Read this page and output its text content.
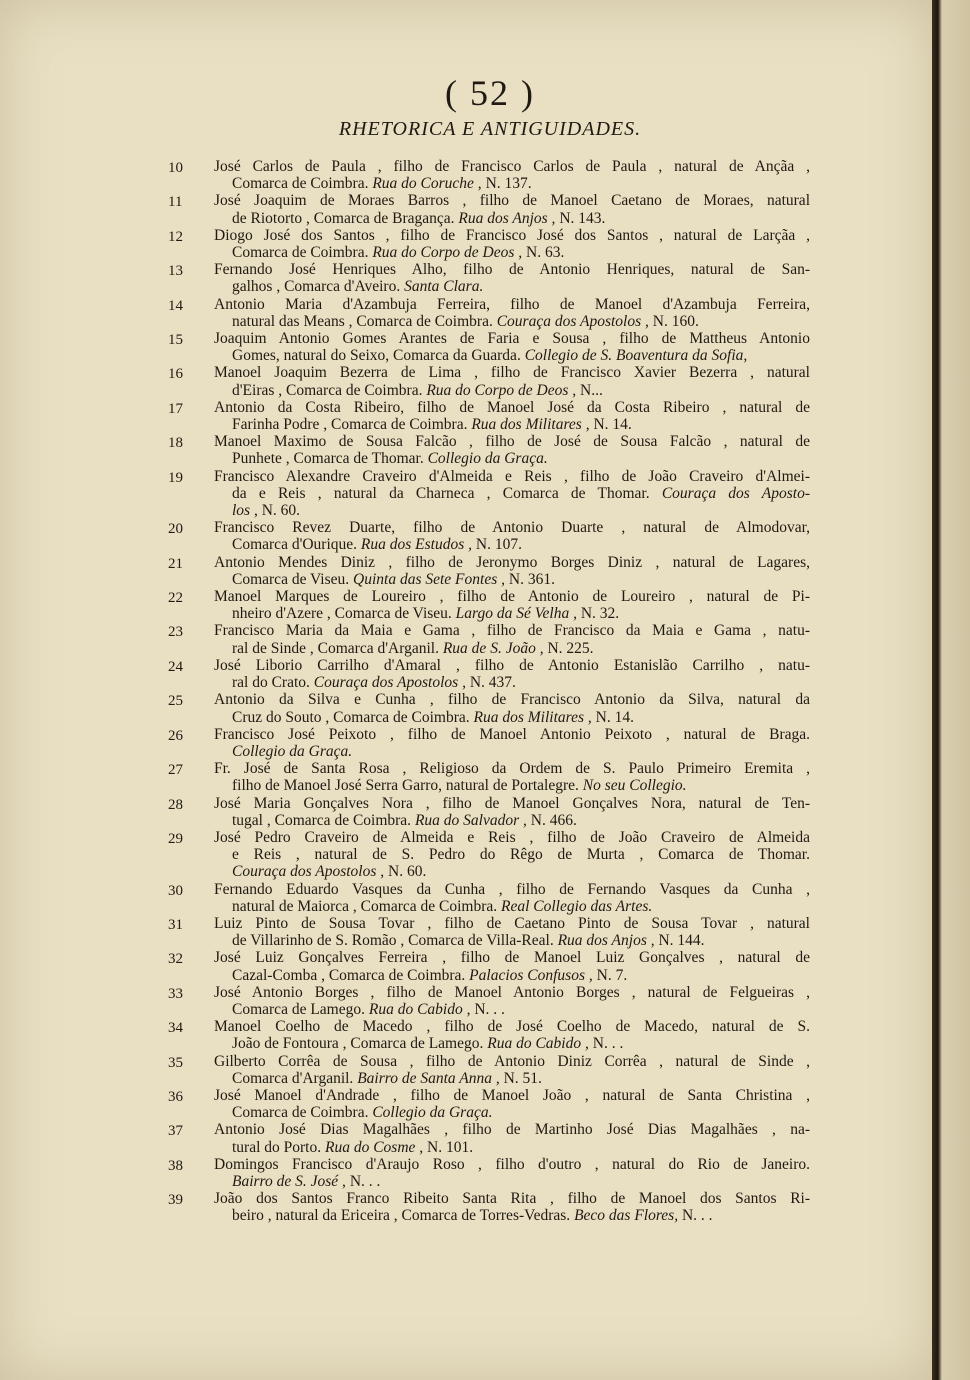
( 52 )
RHETORICA E ANTIGUIDADES.
10	José Carlos de Paula , filho de Francisco Carlos de Paula , natural de Ançãa ,
Comarca de Coimbra. Rua do Coruche , N. 137.
11	José Joaquim de Moraes Barros , filho de Manoel Caetano de Moraes, natural
de Riotorto , Comarca de Bragança. Rua dos Anjos , N. 143.
12	Diogo José dos Santos , filho de Francisco José dos Santos , natural de Larçãa ,
Comarca de Coimbra. Rua do Corpo de Deos , N. 63.
13	Fernando José Henriques Alho, filho de Antonio Henriques, natural de San-
galhos , Comarca d'Aveiro. Santa Clara.
14	Antonio Maria d'Azambuja Ferreira, filho de Manoel d'Azambuja Ferreira,
natural das Means , Comarca de Coimbra. Couraça dos Apostolos , N. 160.
15	Joaquim Antonio Gomes Arantes de Faria e Sousa , filho de Mattheus Antonio
Gomes, natural do Seixo, Comarca da Guarda. Collegio de S. Boaventura da Sofia,
16	Manoel Joaquim Bezerra de Lima , filho de Francisco Xavier Bezerra , natural
d'Eiras , Comarca de Coimbra. Rua do Corpo de Deos , N...
17	Antonio da Costa Ribeiro, filho de Manoel José da Costa Ribeiro , natural de
Farinha Podre , Comarca de Coimbra. Rua dos Militares , N. 14.
18	Manoel Maximo de Sousa Falcão , filho de José de Sousa Falcão , natural de
Punhete , Comarca de Thomar. Collegio da Graça.
19	Francisco Alexandre Craveiro d'Almeida e Reis , filho de João Craveiro d'Almei-
da e Reis , natural da Charneca , Comarca de Thomar. Couraça dos Aposto-
los , N. 60.
20	Francisco Revez Duarte, filho de Antonio Duarte , natural de Almodovar,
Comarca d'Ourique. Rua dos Estudos , N. 107.
21	Antonio Mendes Diniz , filho de Jeronymo Borges Diniz , natural de Lagares,
Comarca de Viseu. Quinta das Sete Fontes , N. 361.
22	Manoel Marques de Loureiro , filho de Antonio de Loureiro , natural de Pi-
nheiro d'Azere , Comarca de Viseu. Largo da Sé Velha , N. 32.
23	Francisco Maria da Maia e Gama , filho de Francisco da Maia e Gama , natu-
ral de Sinde , Comarca d'Arganil. Rua de S. João , N. 225.
24	José Liborio Carrilho d'Amaral , filho de Antonio Estanislão Carrilho , natu-
ral do Crato. Couraça dos Apostolos , N. 437.
25	Antonio da Silva e Cunha , filho de Francisco Antonio da Silva, natural da
Cruz do Souto , Comarca de Coimbra. Rua dos Militares , N. 14.
26	Francisco José Peixoto , filho de Manoel Antonio Peixoto , natural de Braga.
Collegio da Graça.
27	Fr. José de Santa Rosa , Religioso da Ordem de S. Paulo Primeiro Eremita ,
filho de Manoel José Serra Garro, natural de Portalegre. No seu Collegio.
28	José Maria Gonçalves Nora , filho de Manoel Gonçalves Nora, natural de Ten-
tugal , Comarca de Coimbra. Rua do Salvador , N. 466.
29	José Pedro Craveiro de Almeida e Reis , filho de João Craveiro de Almeida
e Reis , natural de S. Pedro do Rêgo de Murta , Comarca de Thomar.
Couraça dos Apostolos , N. 60.
30	Fernando Eduardo Vasques da Cunha , filho de Fernando Vasques da Cunha ,
natural de Maiorca , Comarca de Coimbra. Real Collegio das Artes.
31	Luiz Pinto de Sousa Tovar , filho de Caetano Pinto de Sousa Tovar , natural
de Villarinho de S. Romão , Comarca de Villa-Real. Rua dos Anjos , N. 144.
32	José Luiz Gonçalves Ferreira , filho de Manoel Luiz Gonçalves , natural de
Cazal-Comba , Comarca de Coimbra. Palacios Confusos , N. 7.
33	José Antonio Borges , filho de Manoel Antonio Borges , natural de Felgueiras ,
Comarca de Lamego. Rua do Cabido , N. . .
34	Manoel Coelho de Macedo , filho de José Coelho de Macedo, natural de S.
João de Fontoura , Comarca de Lamego. Rua do Cabido , N. . .
35	Gilberto Corrêa de Sousa , filho de Antonio Diniz Corrêa , natural de Sinde ,
Comarca d'Arganil. Bairro de Santa Anna , N. 51.
36	José Manoel d'Andrade , filho de Manoel João , natural de Santa Christina ,
Comarca de Coimbra. Collegio da Graça.
37	Antonio José Dias Magalhães , filho de Martinho José Dias Magalhães , na-
tural do Porto. Rua do Cosme , N. 101.
38	Domingos Francisco d'Araujo Roso , filho d'outro , natural do Rio de Janeiro.
Bairro de S. José , N. . .
39	João dos Santos Franco Ribeito Santa Rita , filho de Manoel dos Santos Ri-
beiro , natural da Ericeira , Comarca de Torres-Vedras. Beco das Flores, N. . .
